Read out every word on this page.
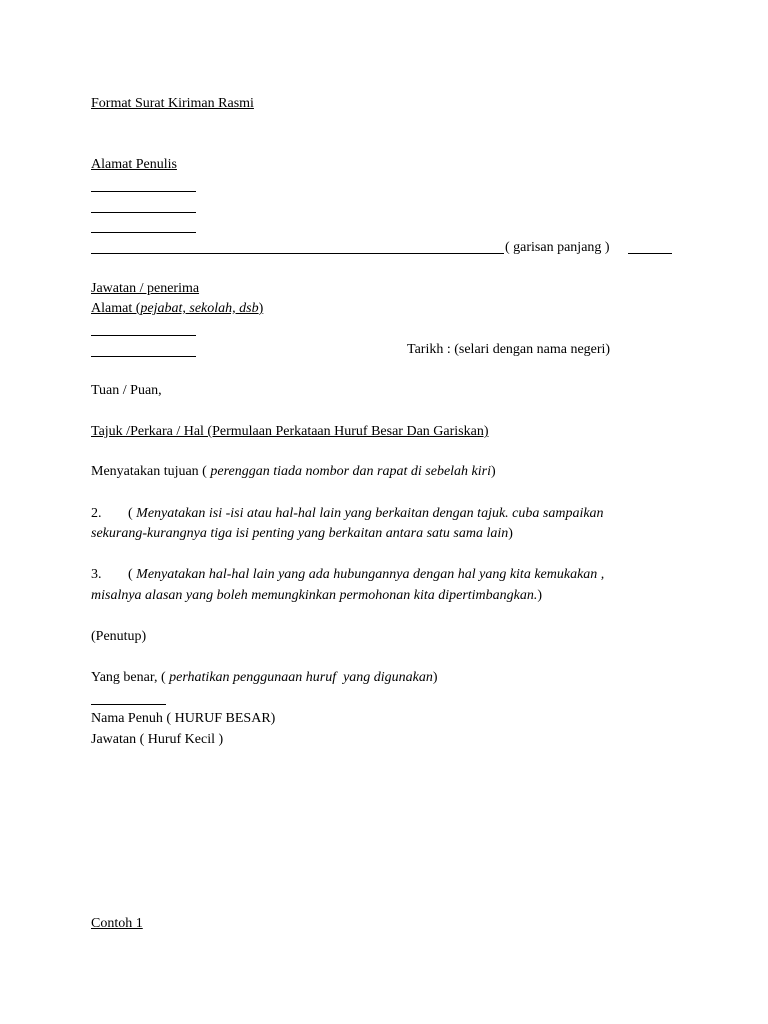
Format Surat Kiriman Rasmi
Alamat Penulis
( garisan panjang )
Jawatan / penerima
Alamat (pejabat, sekolah, dsb)
Tarikh : (selari dengan nama negeri)
Tuan / Puan,
Tajuk /Perkara / Hal (Permulaan Perkataan Huruf Besar Dan Gariskan)
Menyatakan tujuan ( perenggan tiada nombor dan rapat di sebelah kiri)
2. ( Menyatakan isi -isi atau hal-hal lain yang berkaitan dengan tajuk. cuba sampaikan
sekurang-kurangnya tiga isi penting yang berkaitan antara satu sama lain)
3. ( Menyatakan hal-hal lain yang ada hubungannya dengan hal yang kita kemukakan ,
misalnya alasan yang boleh memungkinkan permohonan kita dipertimbangkan.)
(Penutup)
Yang benar, ( perhatikan penggunaan huruf  yang digunakan)
Nama Penuh ( HURUF BESAR)
Jawatan ( Huruf Kecil )
Contoh 1
